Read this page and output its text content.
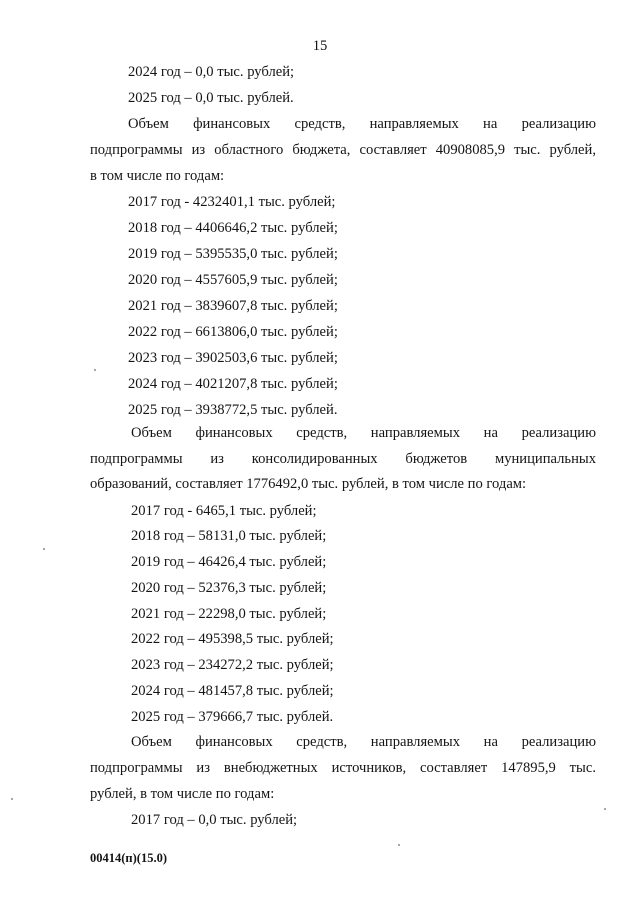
15
2024 год – 0,0 тыс. рублей;
2025 год – 0,0 тыс. рублей.
Объем финансовых средств, направляемых на реализацию
подпрограммы из областного бюджета, составляет 40908085,9 тыс. рублей,
в том числе по годам:
2017 год - 4232401,1 тыс. рублей;
2018 год – 4406646,2 тыс. рублей;
2019 год – 5395535,0 тыс. рублей;
2020 год – 4557605,9 тыс. рублей;
2021 год – 3839607,8 тыс. рублей;
2022 год – 6613806,0 тыс. рублей;
2023 год – 3902503,6 тыс. рублей;
2024 год – 4021207,8 тыс. рублей;
2025 год – 3938772,5 тыс. рублей.
Объем финансовых средств, направляемых на реализацию
подпрограммы из консолидированных бюджетов муниципальных
образований, составляет 1776492,0 тыс. рублей, в том числе по годам:
2017 год - 6465,1 тыс. рублей;
2018 год – 58131,0 тыс. рублей;
2019 год – 46426,4 тыс. рублей;
2020 год – 52376,3 тыс. рублей;
2021 год – 22298,0 тыс. рублей;
2022 год – 495398,5 тыс. рублей;
2023 год – 234272,2 тыс. рублей;
2024 год – 481457,8 тыс. рублей;
2025 год – 379666,7 тыс. рублей.
Объем финансовых средств, направляемых на реализацию
подпрограммы из внебюджетных источников, составляет 147895,9 тыс.
рублей, в том числе по годам:
2017 год – 0,0 тыс. рублей;
00414(п)(15.0)
